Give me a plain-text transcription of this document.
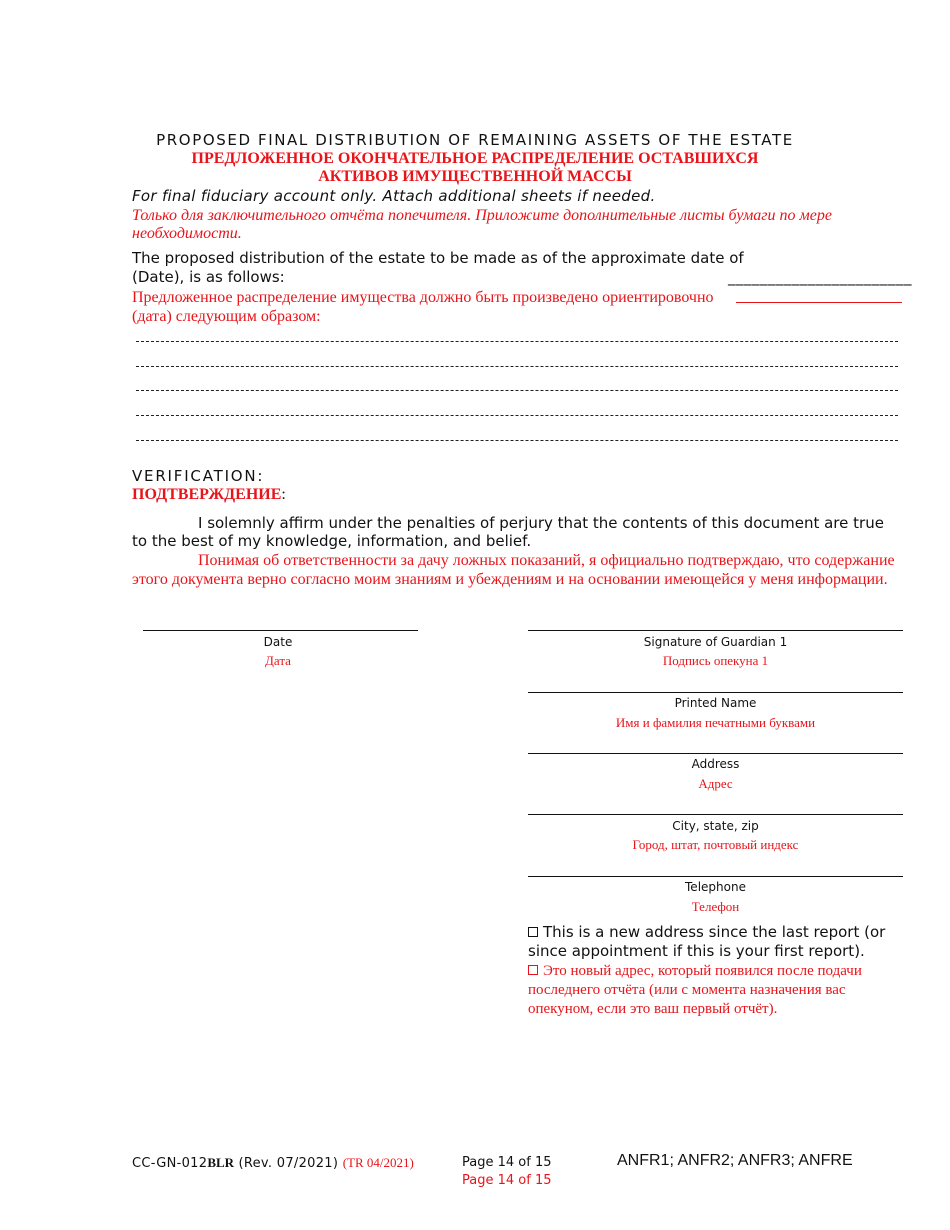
PROPOSED FINAL DISTRIBUTION OF REMAINING ASSETS OF THE ESTATE
ПРЕДЛОЖЕННОЕ ОКОНЧАТЕЛЬНОЕ РАСПРЕДЕЛЕНИЕ ОСТАВШИХСЯ АКТИВОВ ИМУЩЕСТВЕННОЙ МАССЫ
For final fiduciary account only. Attach additional sheets if needed.
Только для заключительного отчёта попечителя. Приложите дополнительные листы бумаги по мере необходимости.
The proposed distribution of the estate to be made as of the approximate date of
_______________________

(Date), is as follows:
Предложенное распределение имущества должно быть произведено ориентировочно

(дата) следующим образом:
VERIFICATION:
ПОДТВЕРЖДЕНИЕ:
I solemnly affirm under the penalties of perjury that the contents of this document are true to the best of my knowledge, information, and belief.
Понимая об ответственности за дачу ложных показаний, я официально подтверждаю, что содержание этого документа верно согласно моим знаниям и убеждениям и на основании имеющейся у меня информации.
Date
Дата
Signature of Guardian 1
Подпись опекуна 1
Printed Name
Имя и фамилия печатными буквами
Address
Адрес
City, state, zip
Город, штат, почтовый индекс
Telephone
Телефон
This is a new address since the last report (or since appointment if this is your first report).
Это новый адрес, который появился после подачи последнего отчёта (или с момента назначения вас опекуном, если это ваш первый отчёт).
CC-GN-012BLR (Rev. 07/2021) (TR 04/2021)	Page 14 of 15
Page 14 of 15
ANFR1; ANFR2; ANFR3; ANFRE
